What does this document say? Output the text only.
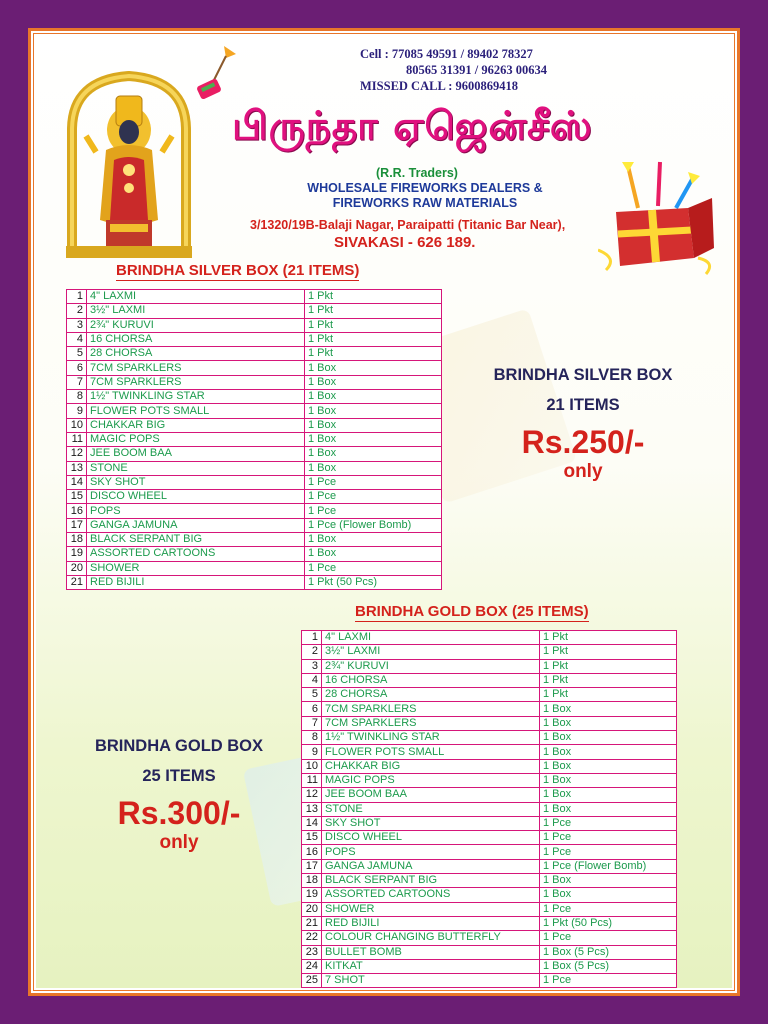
Cell : 77085 49591 / 89402 78327
80565 31391 / 96263 00634
MISSED CALL : 9600869418
பிருந்தா ஏஜென்சீஸ்
(R.R. Traders)
WHOLESALE FIREWORKS DEALERS &
FIREWORKS RAW MATERIALS
3/1320/19B-Balaji Nagar, Paraipatti (Titanic Bar Near),
SIVAKASI - 626 189.
BRINDHA SILVER BOX (21 ITEMS)
1	4" LAXMI	1 Pkt
2	3½" LAXMI	1 Pkt
3	2¾" KURUVI	1 Pkt
4	16 CHORSA	1 Pkt
5	28 CHORSA	1 Pkt
6	7CM SPARKLERS	1 Box
7	7CM SPARKLERS	1 Box
8	1½" TWINKLING STAR	1 Box
9	FLOWER POTS SMALL	1 Box
10	CHAKKAR BIG	1 Box
11	MAGIC POPS	1 Box
12	JEE BOOM BAA	1 Box
13	STONE	1 Box
14	SKY SHOT	1 Pce
15	DISCO WHEEL	1 Pce
16	POPS	1 Pce
17	GANGA JAMUNA	1 Pce (Flower Bomb)
18	BLACK SERPANT BIG	1 Box
19	ASSORTED CARTOONS	1 Box
20	SHOWER	1 Pce
21	RED BIJILI	1 Pkt (50 Pcs)
BRINDHA SILVER BOX
21 ITEMS
Rs.250/-
only
BRINDHA GOLD BOX (25 ITEMS)
1	4" LAXMI	1 Pkt
2	3½" LAXMI	1 Pkt
3	2¾" KURUVI	1 Pkt
4	16 CHORSA	1 Pkt
5	28 CHORSA	1 Pkt
6	7CM SPARKLERS	1 Box
7	7CM SPARKLERS	1 Box
8	1½" TWINKLING STAR	1 Box
9	FLOWER POTS SMALL	1 Box
10	CHAKKAR BIG	1 Box
11	MAGIC POPS	1 Box
12	JEE BOOM BAA	1 Box
13	STONE	1 Box
14	SKY SHOT	1 Pce
15	DISCO WHEEL	1 Pce
16	POPS	1 Pce
17	GANGA JAMUNA	1 Pce (Flower Bomb)
18	BLACK SERPANT BIG	1 Box
19	ASSORTED CARTOONS	1 Box
20	SHOWER	1 Pce
21	RED BIJILI	1 Pkt (50 Pcs)
22	COLOUR CHANGING BUTTERFLY	1 Pce
23	BULLET BOMB	1 Box (5 Pcs)
24	KITKAT	1 Box (5 Pcs)
25	7 SHOT	1 Pce
BRINDHA GOLD BOX
25 ITEMS
Rs.300/-
only
